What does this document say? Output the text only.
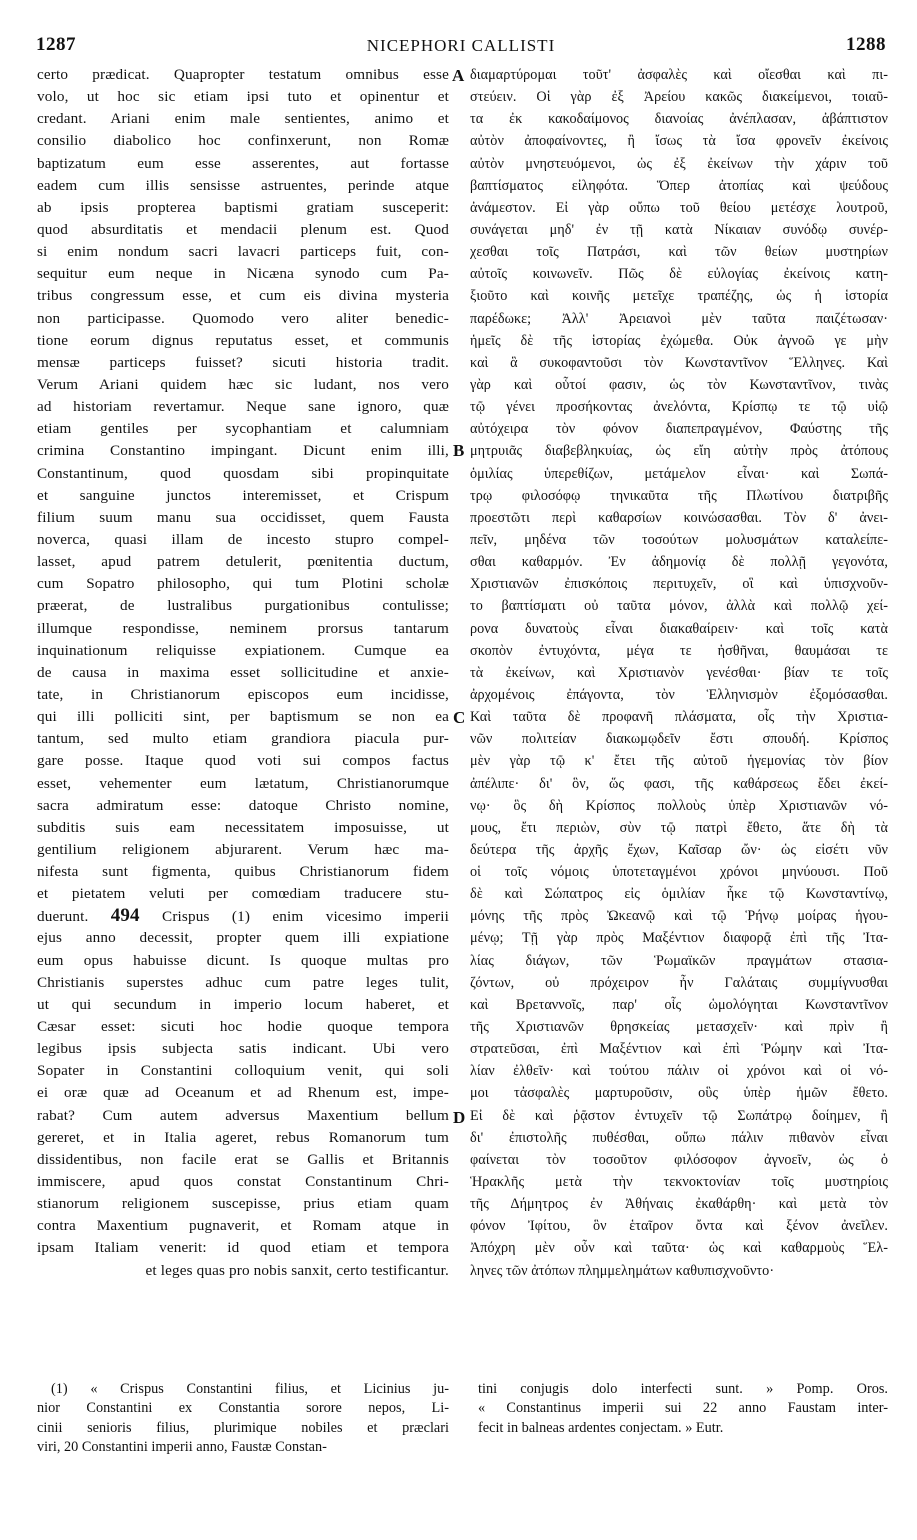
1287	NICEPHORI CALLISTI	1288
A
B
C
D
certo prædicat. Quapropter testatum omnibus esse
volo, ut hoc sic etiam ipsi tuto et opinentur et
credant. Ariani enim male sentientes, animo et
consilio diabolico hoc confinxerunt, non Romæ
baptizatum eum esse asserentes, aut fortasse
eadem cum illis sensisse astruentes, perinde atque
ab ipsis propterea baptismi gratiam susceperit:
quod absurditatis et mendacii plenum est. Quod
si enim nondum sacri lavacri particeps fuit, con-
sequitur eum neque in Nicæna synodo cum Pa-
tribus congressum esse, et cum eis divina mysteria
non participasse. Quomodo vero aliter benedic-
tione eorum dignus reputatus esset, et communis
mensæ particeps fuisset? sicuti historia tradit.
Verum Ariani quidem hæc sic ludant, nos vero
ad historiam revertamur. Neque sane ignoro, quæ
etiam gentiles per sycophantiam et calumniam
crimina Constantino impingant. Dicunt enim illi,
Constantinum, quod quosdam sibi propinquitate
et sanguine junctos interemisset, et Crispum
filium suum manu sua occidisset, quem Fausta
noverca, quasi illam de incesto stupro compel-
lasset, apud patrem detulerit, pœnitentia ductum,
cum Sopatro philosopho, qui tum Plotini scholæ
præerat, de lustralibus purgationibus contulisse;
illumque respondisse, neminem prorsus tantarum
inquinationum reliquisse expiationem. Cumque ea
de causa in maxima esset sollicitudine et anxie-
tate, in Christianorum episcopos eum incidisse,
qui illi polliciti sint, per baptismum se non ea
tantum, sed multo etiam grandiora piacula pur-
gare posse. Itaque quod voti sui compos factus
esset, vehementer eum lætatum, Christianorumque
sacra admiratum esse: datoque Christo nomine,
subditis suis eam necessitatem imposuisse, ut
gentilium religionem abjurarent. Verum hæc ma-
nifesta sunt figmenta, quibus Christianorum fidem
et pietatem veluti per comœdiam traducere stu-
duerunt. 494 Crispus (1) enim vicesimo imperii
ejus anno decessit, propter quem illi expiatione
eum opus habuisse dicunt. Is quoque multas pro
Christianis superstes adhuc cum patre leges tulit,
ut qui secundum in imperio locum haberet, et
Cæsar esset: sicuti hoc hodie quoque tempora
legibus ipsis subjecta satis indicant. Ubi vero
Sopater in Constantini colloquium venit, qui soli
ei oræ quæ ad Oceanum et ad Rhenum est, impe-
rabat? Cum autem adversus Maxentium bellum
gereret, et in Italia ageret, rebus Romanorum tum
dissidentibus, non facile erat se Gallis et Britannis
immiscere, apud quos constat Constantinum Chri-
stianorum religionem suscepisse, prius etiam quam
contra Maxentium pugnaverit, et Romam atque in
ipsam Italiam venerit: id quod etiam et tempora
et leges quas pro nobis sanxit, certo testificantur.
διαμαρτύρομαι τοῦτ' ἀσφαλὲς καὶ οἴεσθαι καὶ πι-
στεύειν. Οἱ γὰρ ἐξ Ἀρείου κακῶς διακείμενοι, τοιαῦ-
τα ἐκ κακοδαίμονος διανοίας ἀνέπλασαν, ἀβάπτιστον
αὐτὸν ἀποφαίνοντες, ἢ ἴσως τὰ ἴσα φρονεῖν ἐκείνοις
αὐτὸν μνηστευόμενοι, ὡς ἐξ ἐκείνων τὴν χάριν τοῦ
βαπτίσματος εἰληφότα. Ὅπερ ἀτοπίας καὶ ψεύδους
ἀνάμεστον. Εἰ γὰρ οὔπω τοῦ θείου μετέσχε λουτροῦ,
συνάγεται μηδ' ἐν τῇ κατὰ Νίκαιαν συνόδῳ συνέρ-
χεσθαι τοῖς Πατράσι, καὶ τῶν θείων μυστηρίων
αὐτοῖς κοινωνεῖν. Πῶς δὲ εὐλογίας ἐκείνοις κατη-
ξιοῦτο καὶ κοινῆς μετεῖχε τραπέζης, ὡς ἡ ἱστορία
παρέδωκε; Ἀλλ' Ἀρειανοὶ μὲν ταῦτα παιζέτωσαν·
ἡμεῖς δὲ τῆς ἱστορίας ἐχώμεθα. Οὐκ ἀγνοῶ γε μὴν
καὶ ἃ συκοφαντοῦσι τὸν Κωνσταντῖνον Ἕλληνες. Καὶ
γὰρ καὶ οὗτοί φασιν, ὡς τὸν Κωνσταντῖνον, τινὰς
τῷ γένει προσήκοντας ἀνελόντα, Κρίσπῳ τε τῷ υἱῷ
αὐτόχειρα τὸν φόνον διαπεπραγμένον, Φαύστης τῆς
μητρυιᾶς διαβεβληκυίας, ὡς εἴη αὐτὴν πρὸς ἀτόπους
ὁμιλίας ὑπερεθίζων, μετάμελον εἶναι· καὶ Σωπά-
τρῳ φιλοσόφῳ τηνικαῦτα τῆς Πλωτίνου διατριβῆς
προεστῶτι περὶ καθαρσίων κοινώσασθαι. Τὸν δ' ἀνει-
πεῖν, μηδένα τῶν τοσούτων μολυσμάτων καταλείπε-
σθαι καθαρμόν. Ἐν ἀδημονίᾳ δὲ πολλῇ γεγονότα,
Χριστιανῶν ἐπισκόποις περιτυχεῖν, οἳ καὶ ὑπισχνοῦν-
το βαπτίσματι οὐ ταῦτα μόνον, ἀλλὰ καὶ πολλῷ χεί-
ρονα δυνατοὺς εἶναι διακαθαίρειν· καὶ τοῖς κατὰ
σκοπὸν ἐντυχόντα, μέγα τε ἡσθῆναι, θαυμάσαι τε
τὰ ἐκείνων, καὶ Χριστιανὸν γενέσθαι· βίαν τε τοῖς
ἀρχομένοις ἐπάγοντα, τὸν Ἑλληνισμὸν ἐξομόσασθαι.
Καὶ ταῦτα δὲ προφανῆ πλάσματα, οἷς τὴν Χριστια-
νῶν πολιτείαν διακωμῳδεῖν ἔστι σπουδή. Κρίσπος
μὲν γὰρ τῷ κ' ἔτει τῆς αὐτοῦ ἡγεμονίας τὸν βίον
ἀπέλιπε· δι' ὃν, ὥς φασι, τῆς καθάρσεως ἔδει ἐκεί-
νῳ· ὃς δὴ Κρίσπος πολλοὺς ὑπὲρ Χριστιανῶν νό-
μους, ἔτι περιὼν, σὺν τῷ πατρὶ ἔθετο, ἅτε δὴ τὰ
δεύτερα τῆς ἀρχῆς ἔχων, Καῖσαρ ὤν· ὡς εἰσέτι νῦν
οἱ τοῖς νόμοις ὑποτεταγμένοι χρόνοι μηνύουσι. Ποῦ
δὲ καὶ Σώπατρος εἰς ὁμιλίαν ἧκε τῷ Κωνσταντίνῳ,
μόνης τῆς πρὸς Ὠκεανῷ καὶ τῷ Ῥήνῳ μοίρας ἡγου-
μένῳ; Τῇ γὰρ πρὸς Μαξέντιον διαφορᾷ ἐπὶ τῆς Ἰτα-
λίας διάγων, τῶν Ῥωμαϊκῶν πραγμάτων στασια-
ζόντων, οὐ πρόχειρον ἦν Γαλάταις συμμίγνυσθαι
καὶ Βρεταννοῖς, παρ' οἷς ὡμολόγηται Κωνσταντῖνον
τῆς Χριστιανῶν θρησκείας μετασχεῖν· καὶ πρὶν ἢ
στρατεῦσαι, ἐπὶ Μαξέντιον καὶ ἐπὶ Ῥώμην καὶ Ἰτα-
λίαν ἐλθεῖν· καὶ τούτου πάλιν οἱ χρόνοι καὶ οἱ νό-
μοι τἀσφαλὲς μαρτυροῦσιν, οὓς ὑπὲρ ἡμῶν ἔθετο.
Εἰ δὲ καὶ ῥᾷστον ἐντυχεῖν τῷ Σωπάτρῳ δοίημεν, ἢ
δι' ἐπιστολῆς πυθέσθαι, οὔπω πάλιν πιθανὸν εἶναι
φαίνεται τὸν τοσοῦτον φιλόσοφον ἀγνοεῖν, ὡς ὁ
Ἡρακλῆς μετὰ τὴν τεκνοκτονίαν τοῖς μυστηρίοις
τῆς Δήμητρος ἐν Ἀθήναις ἐκαθάρθη· καὶ μετὰ τὸν
φόνον Ἰφίτου, ὃν ἑταῖρον ὄντα καὶ ξένον ἀνεῖλεν.
Ἀπόχρη μὲν οὖν καὶ ταῦτα· ὡς καὶ καθαρμοὺς Ἕλ-
ληνες τῶν ἀτόπων πλημμελημάτων καθυπισχνοῦντο·
(1) « Crispus Constantini filius, et Licinius ju-
nior Constantini ex Constantia sorore nepos, Li-
cinii senioris filius, plurimique nobiles et præclari
viri, 20 Constantini imperii anno, Faustæ Constan-
tini conjugis dolo interfecti sunt. » Pomp. Oros.
« Constantinus imperii sui 22 anno Faustam inter-
fecit in balneas ardentes conjectam. » Eutr.
